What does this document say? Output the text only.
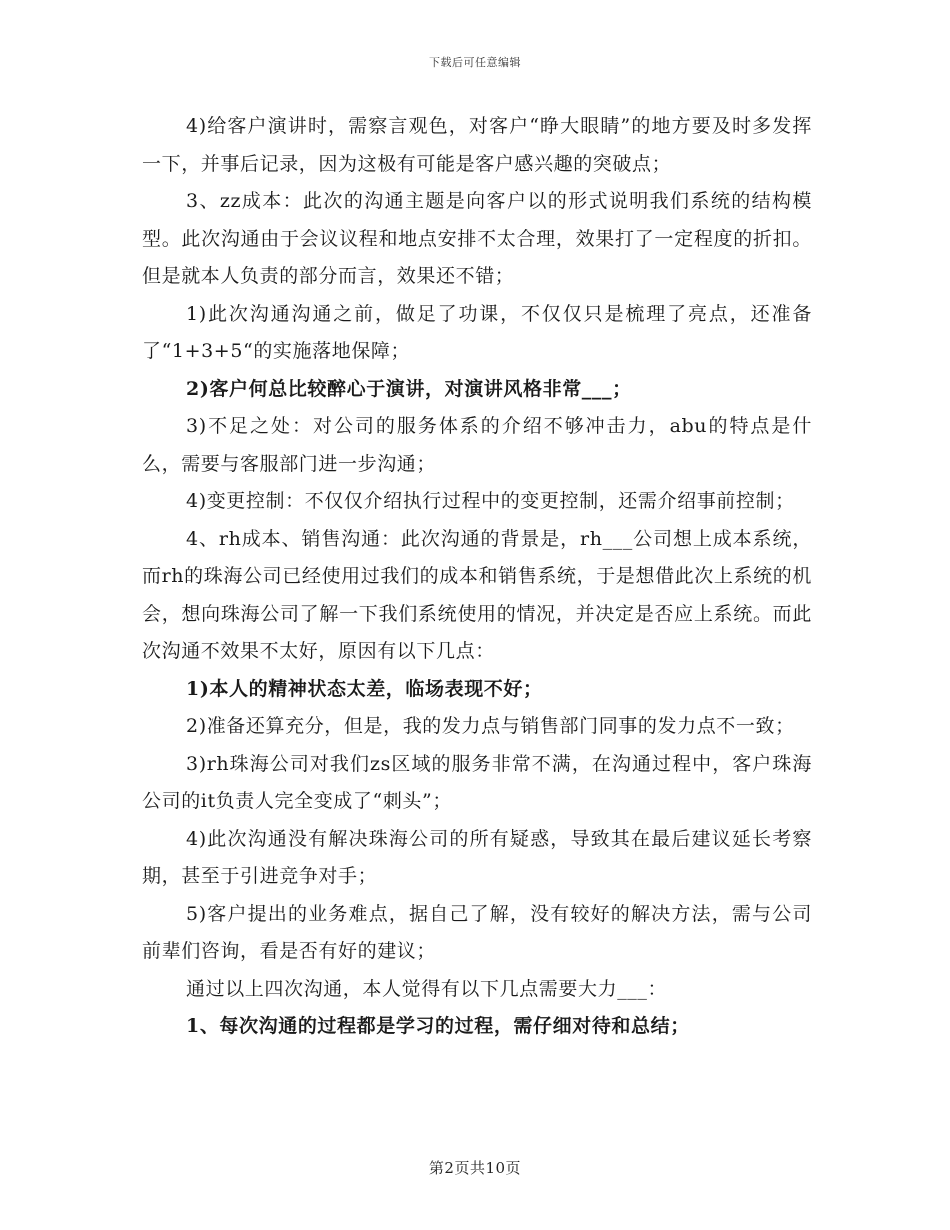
下载后可任意编辑

4)给客户演讲时，需察言观色，对客户“睁大眼睛”的地方要及时多发挥一下，并事后记录，因为这极有可能是客户感兴趣的突破点；

3、zz成本：此次的沟通主题是向客户以的形式说明我们系统的结构模型。此次沟通由于会议议程和地点安排不太合理，效果打了一定程度的折扣。但是就本人负责的部分而言，效果还不错；

1)此次沟通沟通之前，做足了功课，不仅仅只是梳理了亮点，还准备了“1+3+5“的实施落地保障；

2)客户何总比较醉心于演讲，对演讲风格非常___；

3)不足之处：对公司的服务体系的介绍不够冲击力，abu的特点是什么，需要与客服部门进一步沟通；

4)变更控制：不仅仅介绍执行过程中的变更控制，还需介绍事前控制；

4、rh成本、销售沟通：此次沟通的背景是，rh___公司想上成本系统，而rh的珠海公司已经使用过我们的成本和销售系统，于是想借此次上系统的机会，想向珠海公司了解一下我们系统使用的情况，并决定是否应上系统。而此次沟通不效果不太好，原因有以下几点：

1)本人的精神状态太差，临场表现不好；

2)准备还算充分，但是，我的发力点与销售部门同事的发力点不一致；

3)rh珠海公司对我们zs区域的服务非常不满，在沟通过程中，客户珠海公司的it负责人完全变成了“刺头”；

4)此次沟通没有解决珠海公司的所有疑惑，导致其在最后建议延长考察期，甚至于引进竞争对手；

5)客户提出的业务难点，据自己了解，没有较好的解决方法，需与公司前辈们咨询，看是否有好的建议；

通过以上四次沟通，本人觉得有以下几点需要大力___：

1、每次沟通的过程都是学习的过程，需仔细对待和总结；

第2页共10页
